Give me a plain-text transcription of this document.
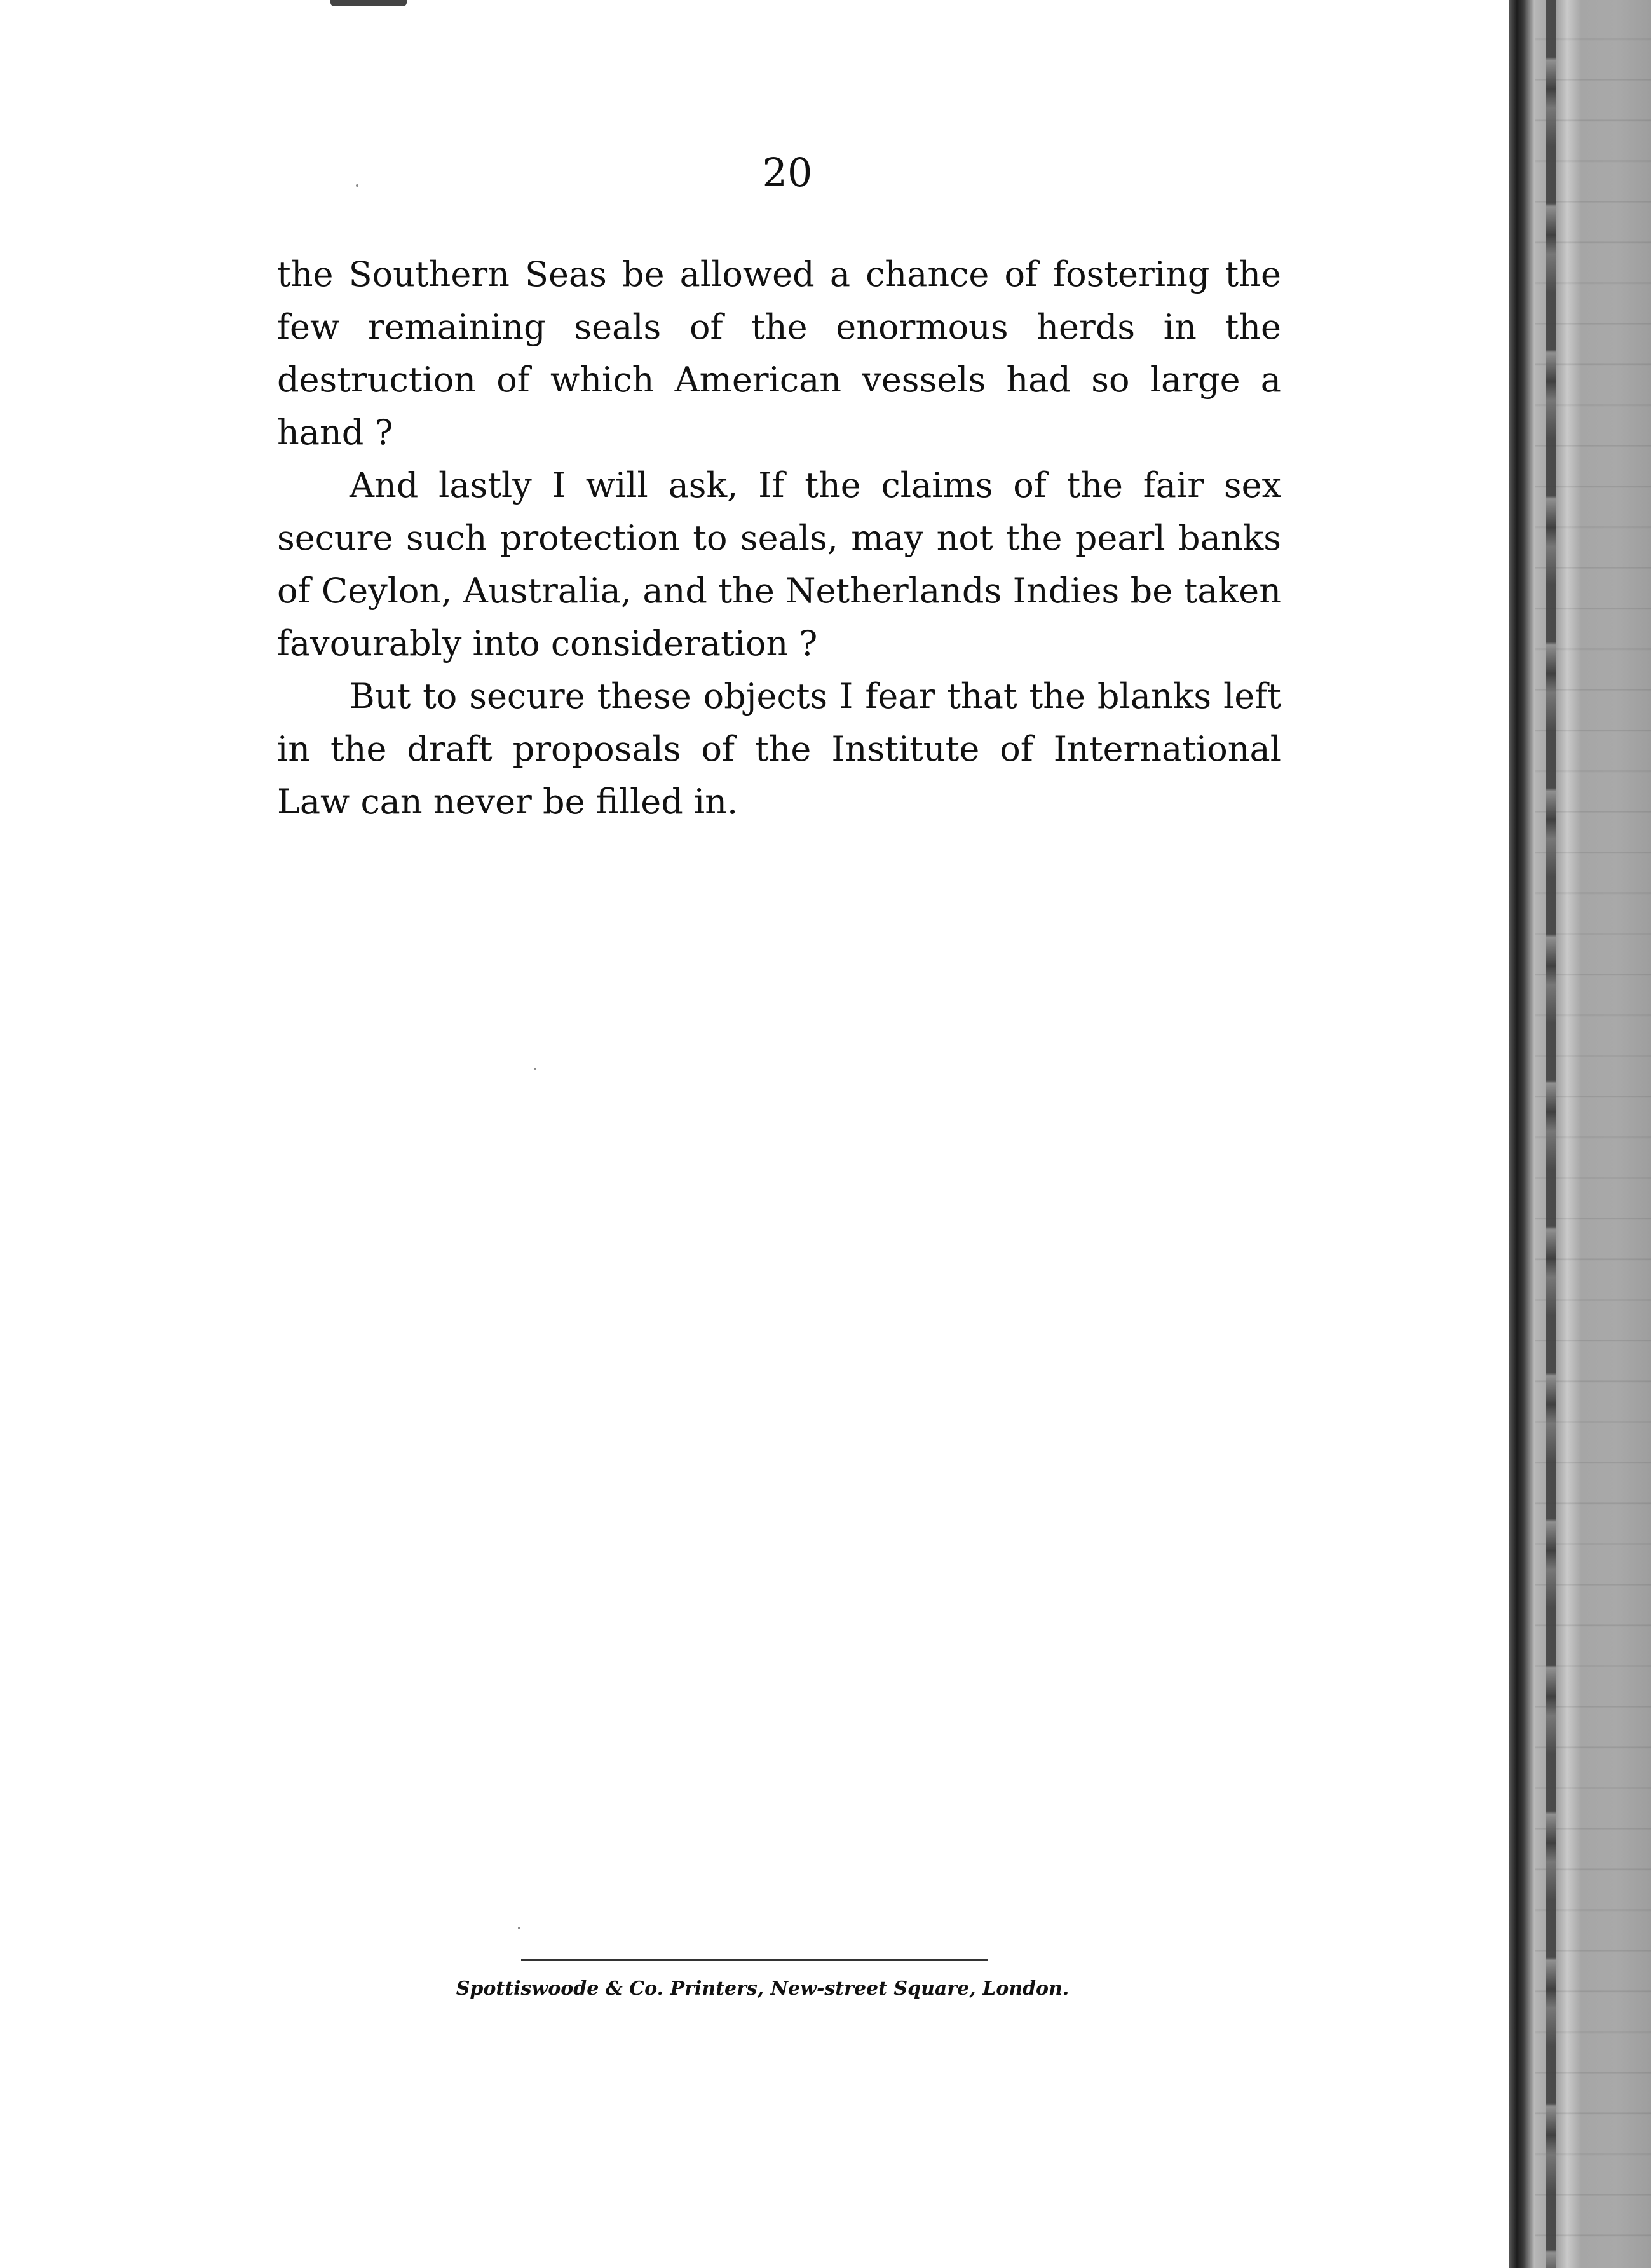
20

the Southern Seas be allowed a chance of fostering the few remaining seals of the enormous herds in the destruction of which American vessels had so large a hand ?

And lastly I will ask, If the claims of the fair sex secure such protection to seals, may not the pearl banks of Ceylon, Australia, and the Netherlands Indies be taken favourably into consideration ?

But to secure these objects I fear that the blanks left in the draft proposals of the Institute of International Law can never be filled in.

Spottiswoode & Co. Printers, New-street Square, London.
